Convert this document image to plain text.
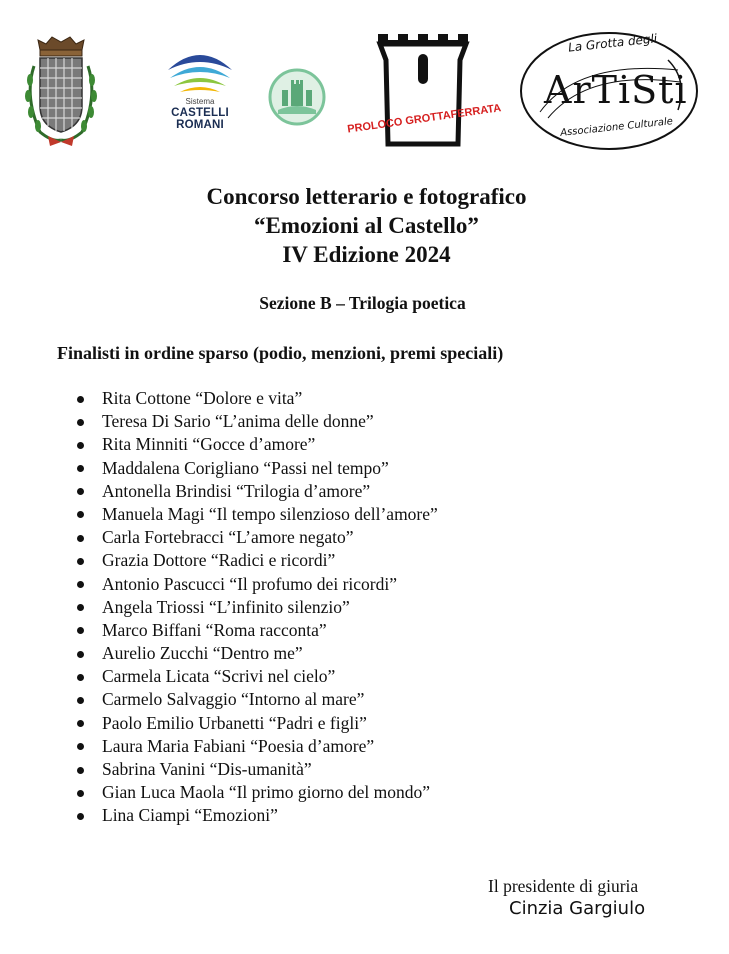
Sistema
CASTELLI
ROMANI	PROLOCO GROTTAFERRATA
La Grotta degli
ArTiSti
Associazione Culturale
Concorso letterario e fotografico
“Emozioni al Castello”
IV Edizione 2024
Sezione B – Trilogia poetica
Finalisti in ordine sparso (podio, menzioni, premi speciali)
Rita Cottone “Dolore e vita”
Teresa Di Sario “L’anima delle donne”
Rita Minniti “Gocce d’amore”
Maddalena Corigliano “Passi nel tempo”
Antonella Brindisi “Trilogia d’amore”
Manuela Magi “Il tempo silenzioso dell’amore”
Carla Fortebracci “L’amore negato”
Grazia Dottore “Radici e ricordi”
Antonio Pascucci “Il profumo dei ricordi”
Angela Triossi “L’infinito silenzio”
Marco Biffani “Roma racconta”
Aurelio Zucchi “Dentro me”
Carmela Licata “Scrivi nel cielo”
Carmelo Salvaggio “Intorno al mare”
Paolo Emilio Urbanetti “Padri e figli”
Laura Maria Fabiani “Poesia d’amore”
Sabrina Vanini “Dis-umanità”
Gian Luca Maola “Il primo giorno del mondo”
Lina Ciampi “Emozioni”
Il presidente di giuria
Cinzia Gargiulo
